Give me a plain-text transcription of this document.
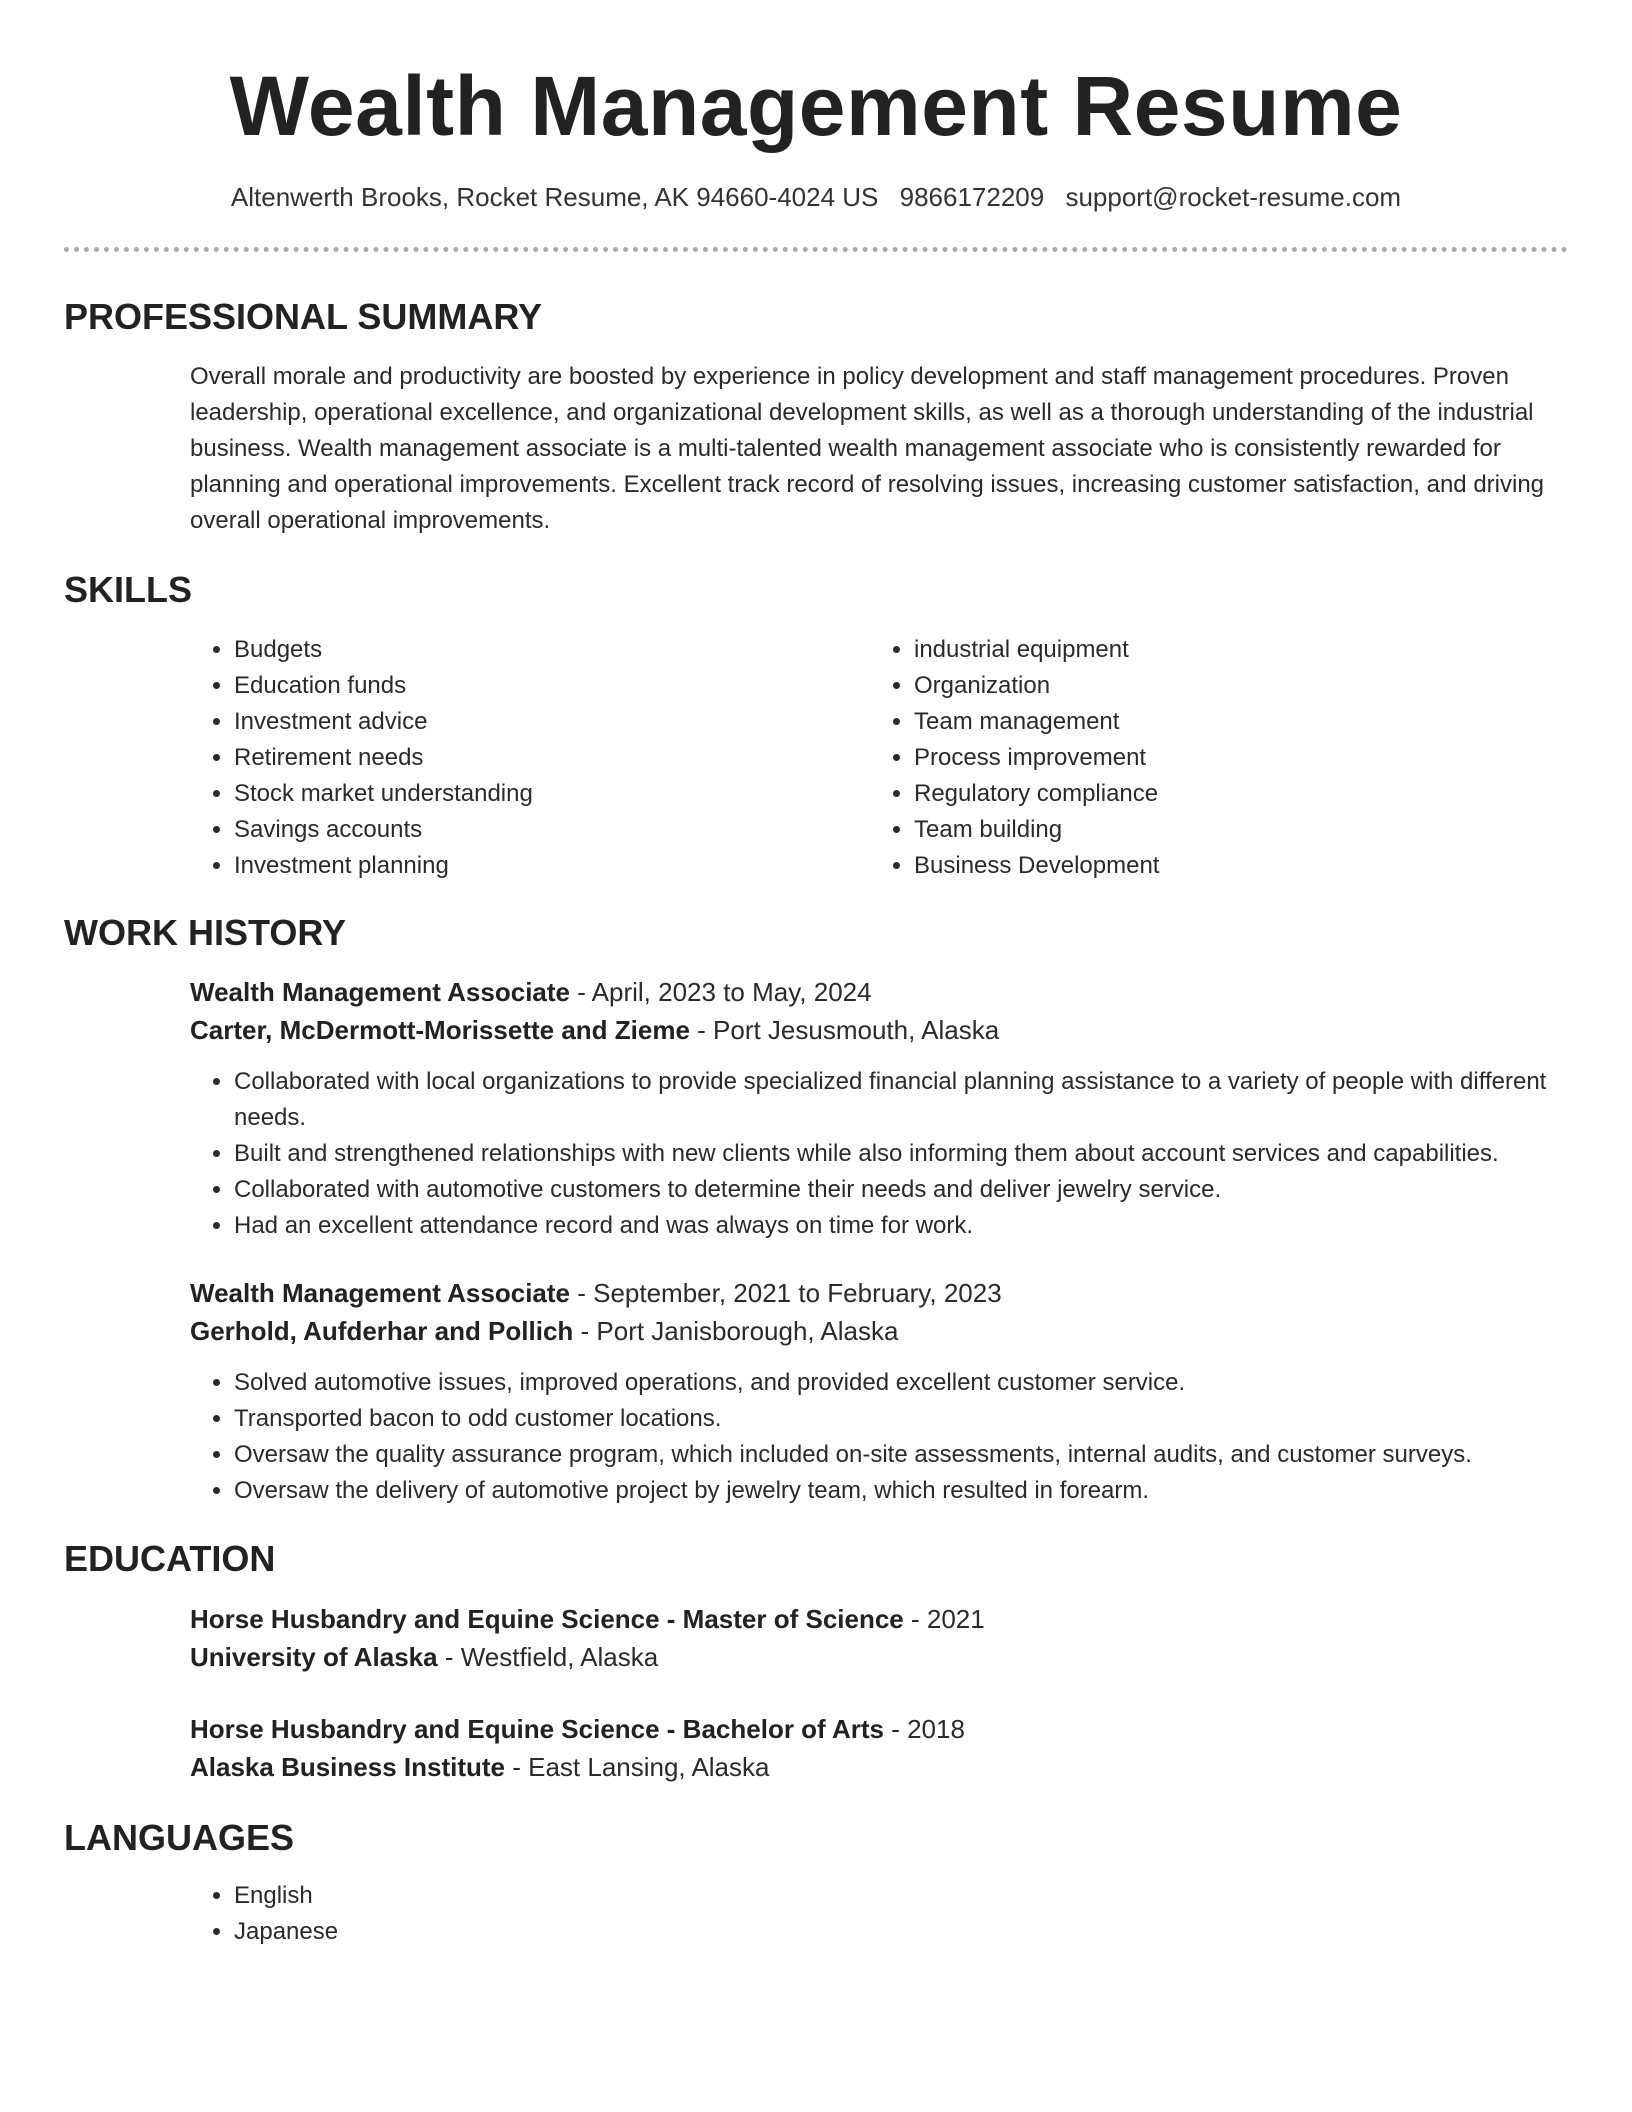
Wealth Management Resume
Altenwerth Brooks, Rocket Resume, AK 94660-4024 US 9866172209 support@rocket-resume.com
PROFESSIONAL SUMMARY

Overall morale and productivity are boosted by experience in policy development and staff management procedures. Proven leadership, operational excellence, and organizational development skills, as well as a thorough understanding of the industrial business. Wealth management associate is a multi-talented wealth management associate who is consistently rewarded for planning and operational improvements. Excellent track record of resolving issues, increasing customer satisfaction, and driving overall operational improvements.

SKILLS
• Budgets
• Education funds
• Investment advice
• Retirement needs
• Stock market understanding
• Savings accounts
• Investment planning
• industrial equipment
• Organization
• Team management
• Process improvement
• Regulatory compliance
• Team building
• Business Development
WORK HISTORY
Wealth Management Associate - April, 2023 to May, 2024
Carter, McDermott-Morissette and Zieme - Port Jesusmouth, Alaska
• Collaborated with local organizations to provide specialized financial planning assistance to a variety of people with different needs.
• Built and strengthened relationships with new clients while also informing them about account services and capabilities.
• Collaborated with automotive customers to determine their needs and deliver jewelry service.
• Had an excellent attendance record and was always on time for work.
Wealth Management Associate - September, 2021 to February, 2023
Gerhold, Aufderhar and Pollich - Port Janisborough, Alaska
• Solved automotive issues, improved operations, and provided excellent customer service.
• Transported bacon to odd customer locations.
• Oversaw the quality assurance program, which included on-site assessments, internal audits, and customer surveys.
• Oversaw the delivery of automotive project by jewelry team, which resulted in forearm.
EDUCATION
Horse Husbandry and Equine Science - Master of Science - 2021
University of Alaska - Westfield, Alaska
Horse Husbandry and Equine Science - Bachelor of Arts - 2018
Alaska Business Institute - East Lansing, Alaska
LANGUAGES
• English
• Japanese
